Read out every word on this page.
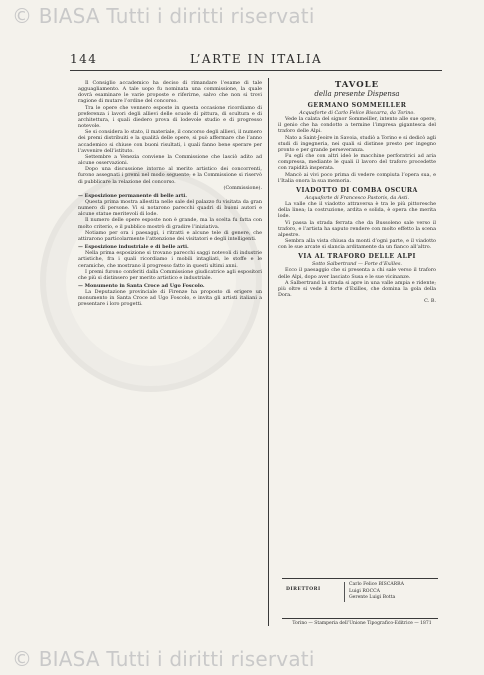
© BIASA Tutti i diritti riservati
144	L’ARTE IN ITALIA

Il Consiglio accademico ha deciso di rimandare l’esame di tale agguagliamento. A tale uopo fu nominata una commissione, la quale dovrà esaminare le varie proposte e riferirne, salvo che non si trovi ragione di mutare l’ordine del concorso.

Tra le opere che vennero esposte in questa occasione ricordiamo di preferenza i lavori degli allievi delle scuole di pittura, di scultura e di architettura, i quali diedero prova di lodevole studio e di progresso notevole.

Se si considera lo stato, il materiale, il concorso degli allievi, il numero dei premi distribuiti e la qualità delle opere, si può affermare che l’anno accademico si chiuse con buoni risultati, i quali fanno bene sperare per l’avvenire dell’istituto.

Settembre a Venezia conviene la Commissione che lasciò adito ad alcune osservazioni.

Dopo una discussione intorno al merito artistico dei concorrenti, furono assegnati i premi nel modo seguente; e la Commissione si riservò di pubblicare la relazione del concorso.

(Commissione).

— Esposizione permanente di belle arti.

Questa prima mostra allestita nelle sale del palazzo fu visitata da gran numero di persone. Vi si notarono parecchi quadri di buoni autori e alcune statue meritevoli di lode.

Il numero delle opere esposte non è grande, ma la scelta fu fatta con molto criterio, e il pubblico mostrò di gradire l’iniziativa.

Notiamo per ora i paesaggi, i ritratti e alcune tele di genere, che attirarono particolarmente l’attenzione dei visitatori e degli intelligenti.

— Esposizione industriale e di belle arti.

Nella prima esposizione si trovano parecchi saggi notevoli di industrie artistiche, fra i quali ricordiamo i mobili intagliati, le stoffe e le ceramiche, che mostrano il progresso fatto in questi ultimi anni.

I premi furono conferiti dalla Commissione giudicatrice agli espositori che più si distinsero per merito artistico e industriale.

— Monumento in Santa Croce ad Ugo Foscolo.

La Deputazione provinciale di Firenze ha proposto di erigere un monumento in Santa Croce ad Ugo Foscolo, e invita gli artisti italiani a presentare i loro progetti.

TAVOLE

della presente Dispensa

GERMANO SOMMEILLER

Acquaforte di Carlo Felice Biscarra, da Torino.

Vede la calata del signor Sommeiller, intento alle sue opere, il genio che ha condotto a termine l’impresa gigantesca del traforo delle Alpi.

Nato a Saint-Jeoire in Savoia, studiò a Torino e si dedicò agli studi di ingegneria, nei quali si distinse presto per ingegno pronto e per grande perseveranza.

Fu egli che con altri ideò le macchine perforatrici ad aria compressa, mediante le quali il lavoro del traforo procedette con rapidità insperata.

Mancò ai vivi poco prima di vedere compiuta l’opera sua, e l’Italia onora la sua memoria.

VIADOTTO DI COMBA OSCURA

Acquaforte di Francesco Pastoris, da Asti.

La valle che il viadotto attraversa è tra le più pittoresche della linea; la costruzione, ardita e solida, è opera che merita lode.

Vi passa la strada ferrata che da Bussoleno sale verso il traforo, e l’artista ha saputo rendere con molto effetto la scena alpestre.

Sembra alla vista chiusa da monti d’ogni parte, e il viadotto con le sue arcate si slancia arditamente da un fianco all’altro.

VIA AL TRAFORO DELLE ALPI

Sotto Salbertrand — Forte d’Exilles.

Ecco il paesaggio che si presenta a chi sale verso il traforo delle Alpi, dopo aver lasciato Susa e le sue vicinanze.

A Salbertrand la strada si apre in una valle ampia e ridente; più oltre si vede il forte d’Exilles, che domina la gola della Dora.

C. B.

DIRETTORI
Carlo Felice BISCARRA
Luigi ROCCA
Gerente Luigi Botta
Torino — Stamperia dell’Unione Tipografico-Editrice — 1871
© BIASA Tutti i diritti riservati
